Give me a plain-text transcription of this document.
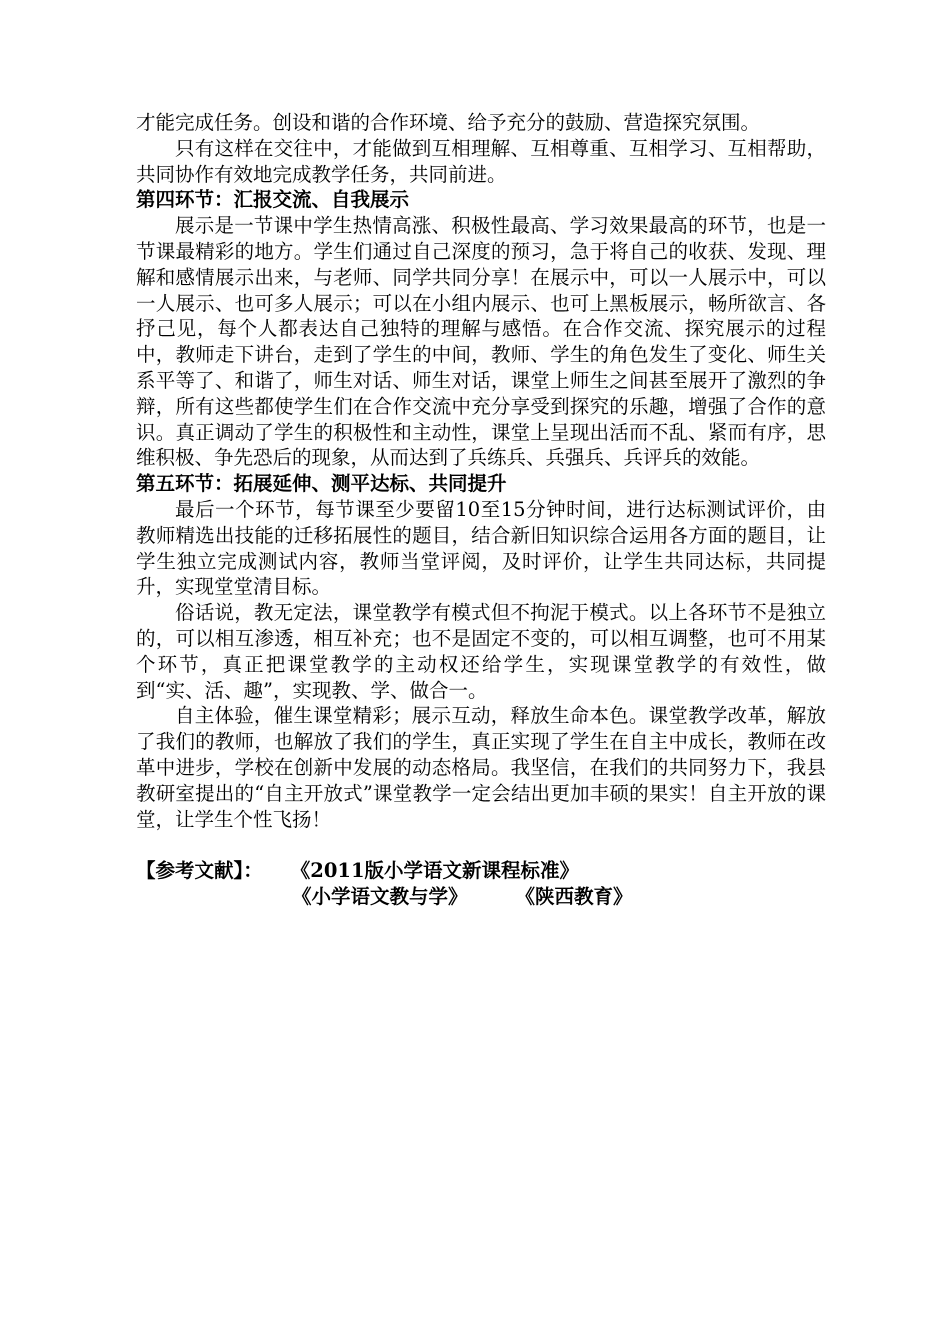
才能完成任务。创设和谐的合作环境、给予充分的鼓励、营造探究氛围。

只有这样在交往中，才能做到互相理解、互相尊重、互相学习、互相帮助，共同协作有效地完成教学任务，共同前进。

第四环节：汇报交流、自我展示

展示是一节课中学生热情高涨、积极性最高、学习效果最高的环节，也是一节课最精彩的地方。学生们通过自己深度的预习，急于将自己的收获、发现、理解和感情展示出来，与老师、同学共同分享！在展示中，可以一人展示中，可以一人展示、也可多人展示；可以在小组内展示、也可上黑板展示，畅所欲言、各抒己见，每个人都表达自己独特的理解与感悟。在合作交流、探究展示的过程中，教师走下讲台，走到了学生的中间，教师、学生的角色发生了变化、师生关系平等了、和谐了，师生对话、师生对话，课堂上师生之间甚至展开了激烈的争辩，所有这些都使学生们在合作交流中充分享受到探究的乐趣，增强了合作的意识。真正调动了学生的积极性和主动性，课堂上呈现出活而不乱、紧而有序，思维积极、争先恐后的现象，从而达到了兵练兵、兵强兵、兵评兵的效能。

第五环节：拓展延伸、测平达标、共同提升

最后一个环节，每节课至少要留10至15分钟时间，进行达标测试评价，由教师精选出技能的迁移拓展性的题目，结合新旧知识综合运用各方面的题目，让学生独立完成测试内容，教师当堂评阅，及时评价，让学生共同达标，共同提升，实现堂堂清目标。

俗话说，教无定法，课堂教学有模式但不拘泥于模式。以上各环节不是独立的，可以相互渗透，相互补充；也不是固定不变的，可以相互调整，也可不用某个环节，真正把课堂教学的主动权还给学生，实现课堂教学的有效性，做到“实、活、趣”，实现教、学、做合一。

自主体验，催生课堂精彩；展示互动，释放生命本色。课堂教学改革，解放了我们的教师，也解放了我们的学生，真正实现了学生在自主中成长，教师在改革中进步，学校在创新中发展的动态格局。我坚信，在我们的共同努力下，我县教研室提出的“自主开放式”课堂教学一定会结出更加丰硕的果实！自主开放的课堂，让学生个性飞扬！

【参考文献】： 《2011版小学语文新课程标准》

《小学语文教与学》 《陕西教育》
